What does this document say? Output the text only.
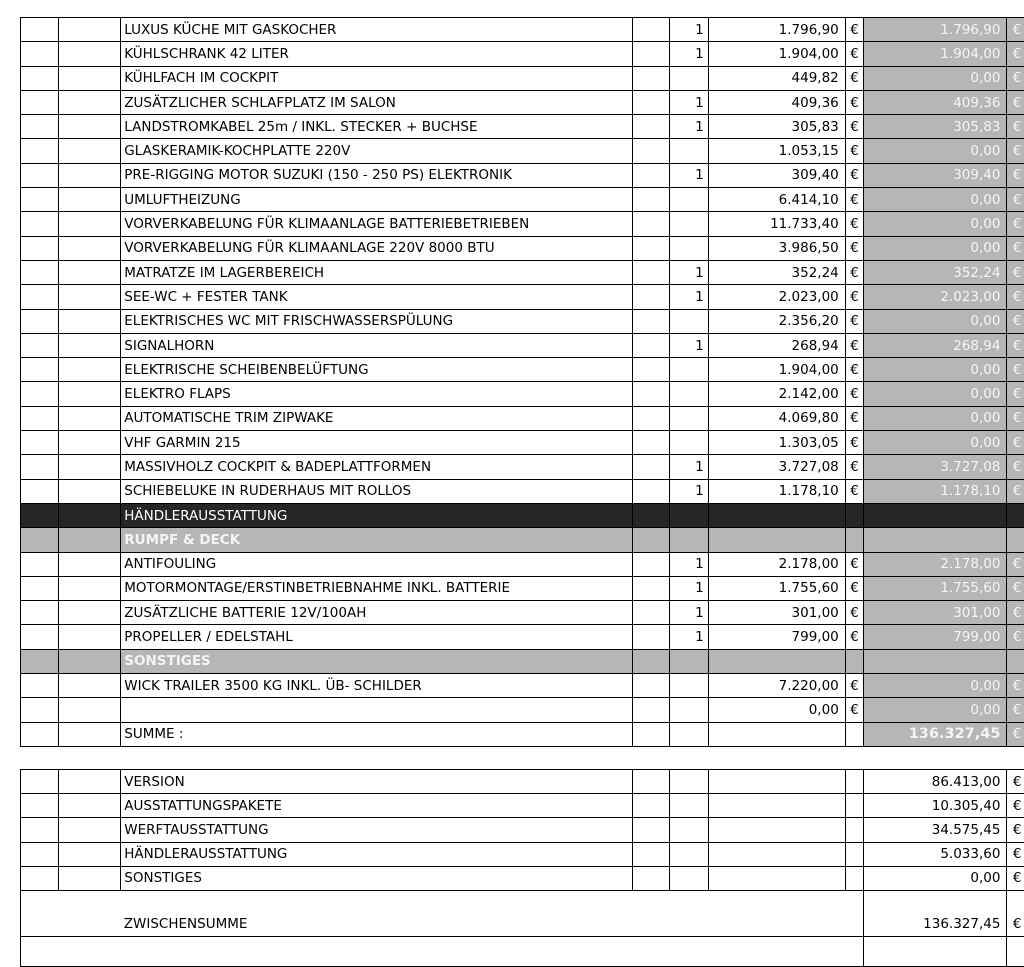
		LUXUS KÜCHE MIT GASKOCHER		1	1.796,90	€	1.796,90	€
		KÜHLSCHRANK 42 LITER		1	1.904,00	€	1.904,00	€
		KÜHLFACH IM COCKPIT			449,82	€	0,00	€
		ZUSÄTZLICHER SCHLAFPLATZ IM SALON		1	409,36	€	409,36	€
		LANDSTROMKABEL 25m / INKL. STECKER + BUCHSE		1	305,83	€	305,83	€
		GLASKERAMIK-KOCHPLATTE 220V			1.053,15	€	0,00	€
		PRE-RIGGING MOTOR SUZUKI (150 - 250 PS) ELEKTRONIK		1	309,40	€	309,40	€
		UMLUFTHEIZUNG			6.414,10	€	0,00	€
		VORVERKABELUNG FÜR KLIMAANLAGE BATTERIEBETRIEBEN			11.733,40	€	0,00	€
		VORVERKABELUNG FÜR KLIMAANLAGE 220V 8000 BTU			3.986,50	€	0,00	€
		MATRATZE IM LAGERBEREICH		1	352,24	€	352,24	€
		SEE-WC + FESTER TANK		1	2.023,00	€	2.023,00	€
		ELEKTRISCHES WC MIT FRISCHWASSERSPÜLUNG			2.356,20	€	0,00	€
		SIGNALHORN		1	268,94	€	268,94	€
		ELEKTRISCHE SCHEIBENBELÜFTUNG			1.904,00	€	0,00	€
		ELEKTRO FLAPS			2.142,00	€	0,00	€
		AUTOMATISCHE TRIM ZIPWAKE			4.069,80	€	0,00	€
		VHF GARMIN 215			1.303,05	€	0,00	€
		MASSIVHOLZ COCKPIT & BADEPLATTFORMEN		1	3.727,08	€	3.727,08	€
		SCHIEBELUKE IN RUDERHAUS MIT ROLLOS		1	1.178,10	€	1.178,10	€
		HÄNDLERAUSSTATTUNG						
		RUMPF & DECK						
		ANTIFOULING		1	2.178,00	€	2.178,00	€
		MOTORMONTAGE/ERSTINBETRIEBNAHME INKL. BATTERIE		1	1.755,60	€	1.755,60	€
		ZUSÄTZLICHE BATTERIE 12V/100AH		1	301,00	€	301,00	€
		PROPELLER / EDELSTAHL		1	799,00	€	799,00	€
		SONSTIGES						
		WICK TRAILER 3500 KG INKL. ÜB- SCHILDER			7.220,00	€	0,00	€
					0,00	€	0,00	€
		SUMME :					136.327,45	€
		VERSION					86.413,00	€
		AUSSTATTUNGSPAKETE					10.305,40	€
		WERFTAUSSTATTUNG					34.575,45	€
		HÄNDLERAUSSTATTUNG					5.033,60	€
		SONSTIGES					0,00	€
		ZWISCHENSUMME					136.327,45	€
